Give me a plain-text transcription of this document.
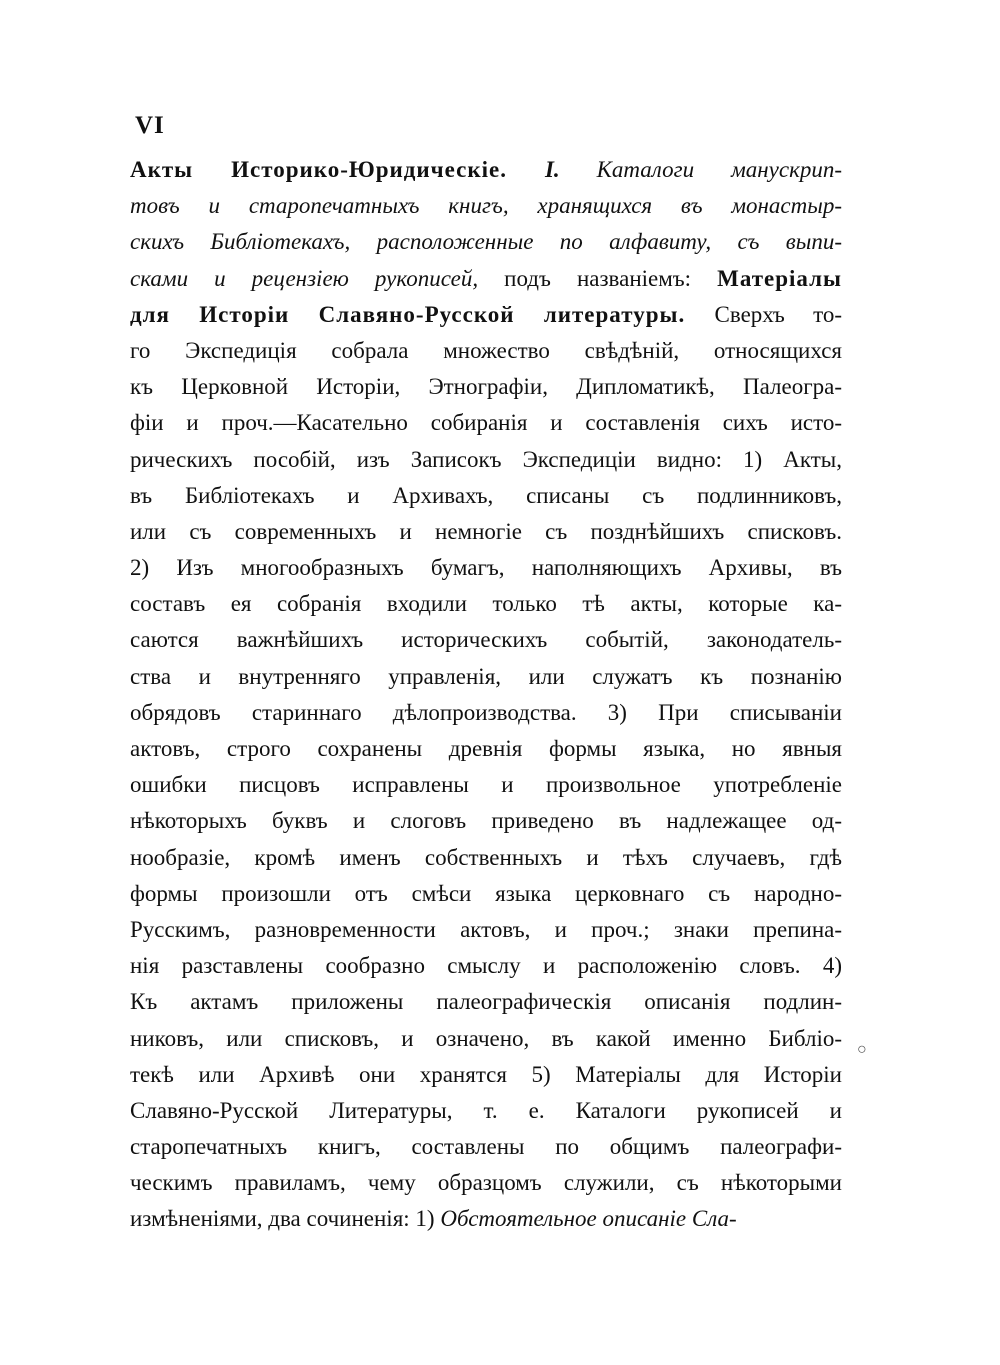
VI
Акты Историко-Юридическіе. I. Каталоги манускрип-
товъ и старопечатныхъ книгъ, хранящихся въ монастыр-
скихъ Библіотекахъ, расположенные по алфавиту, съ выпи-
сками и рецензіею рукописей, подъ названіемъ: Матеріалы
для Исторіи Славяно-Русской литературы. Сверхъ то-
го Экспедиція собрала множество свѣдѣній, относящихся
къ Церковной Исторіи, Этнографіи, Дипломатикѣ, Палеогра-
фіи и проч.—Касательно собиранія и составленія сихъ исто-
рическихъ пособій, изъ Записокъ Экспедиціи видно: 1) Акты,
въ Библіотекахъ и Архивахъ, списаны съ подлинниковъ,
или съ современныхъ и немногіе съ позднѣйшихъ списковъ.
2) Изъ многообразныхъ бумагъ, наполняющихъ Архивы, въ
составъ ея собранія входили только тѣ акты, которые ка-
саются важнѣйшихъ историческихъ событій, законодатель-
ства и внутренняго управленія, или служатъ къ познанію
обрядовъ стариннаго дѣлопроизводства. 3) При списываніи
актовъ, строго сохранены древнія формы языка, но явныя
ошибки писцовъ исправлены и произвольное употребленіе
нѣкоторыхъ буквъ и слоговъ приведено въ надлежащее од-
нообразіе, кромѣ именъ собственныхъ и тѣхъ случаевъ, гдѣ
формы произошли отъ смѣси языка церковнаго съ народно-
Русскимъ, разновременности актовъ, и проч.; знаки препина-
нія разставлены сообразно смыслу и расположенію словъ. 4)
Къ актамъ приложены палеографическія описанія подлин-
никовъ, или списковъ, и означено, въ какой именно Библіо-
текѣ или Архивѣ они хранятся 5) Матеріалы для Исторіи
Славяно-Русской Литературы, т. е. Каталоги рукописей и
старопечатныхъ книгъ, составлены по общимъ палеографи-
ческимъ правиламъ, чему образцомъ служили, съ нѣкоторыми
измѣненіями, два сочиненія: 1) Обстоятельное описаніе Сла-
○
